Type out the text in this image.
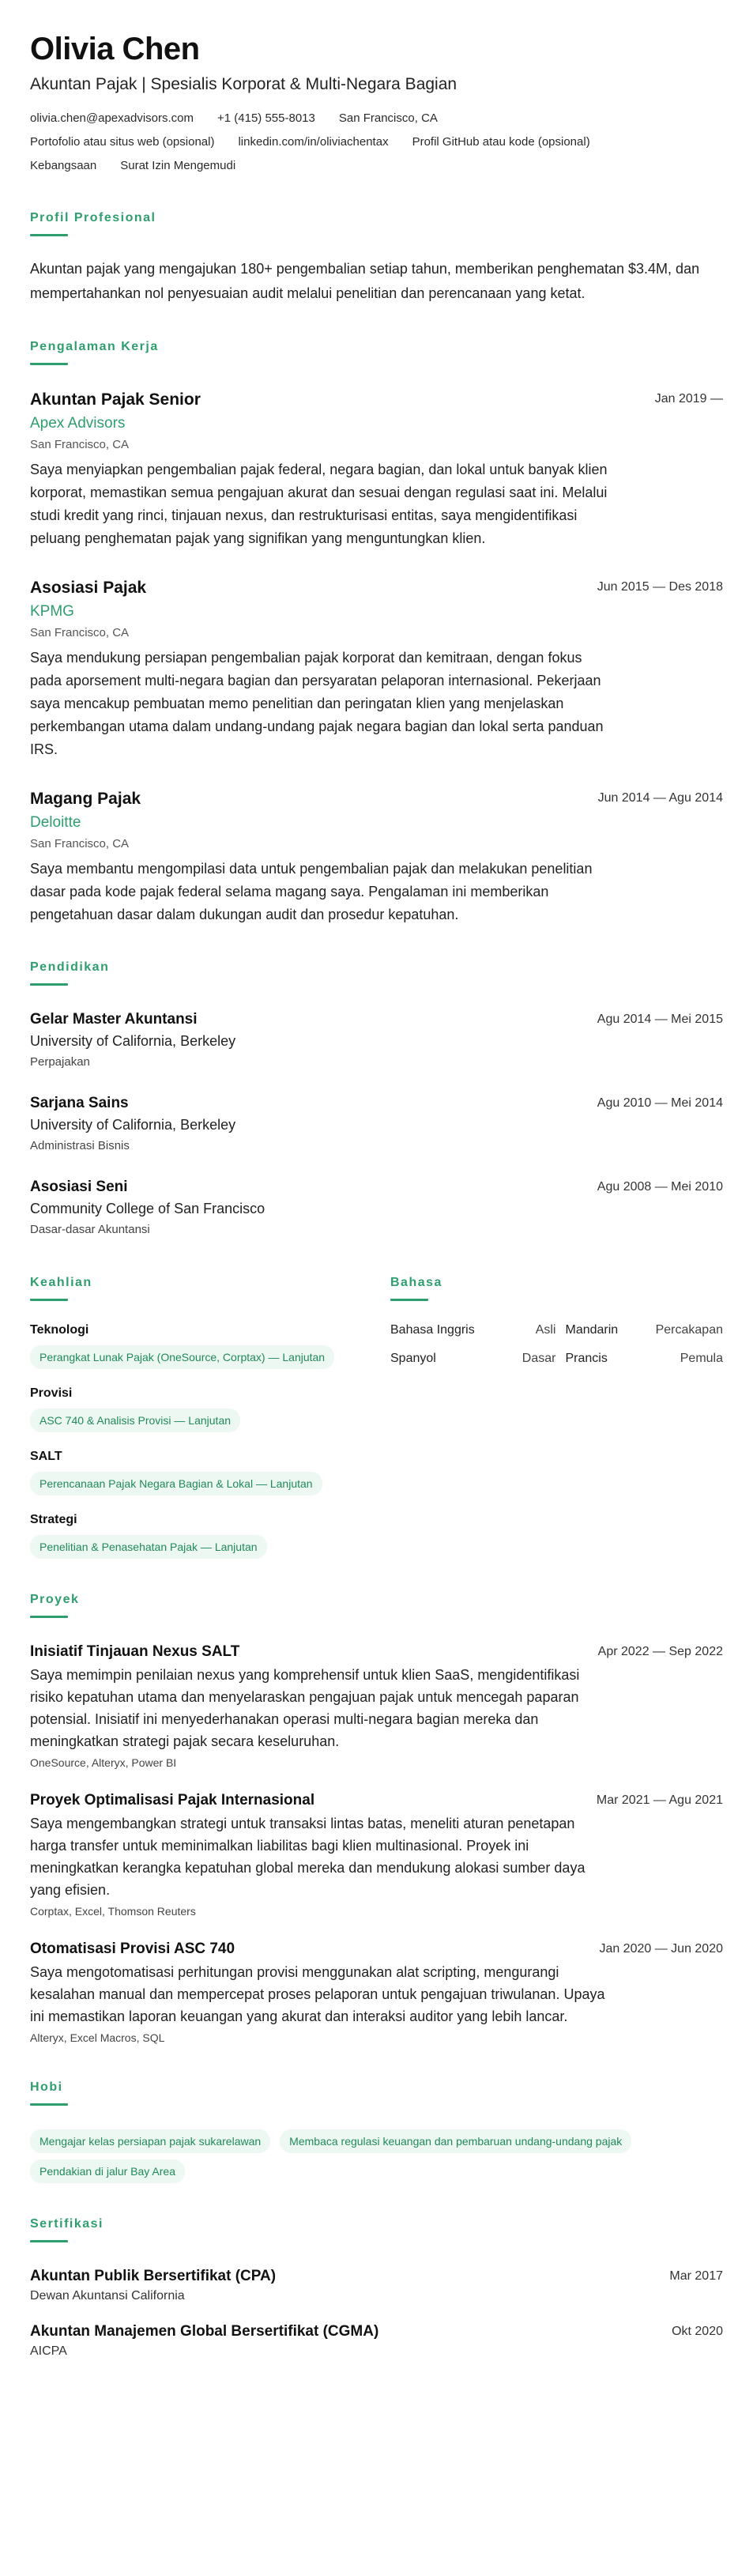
Olivia Chen
Akuntan Pajak | Spesialis Korporat & Multi-Negara Bagian
olivia.chen@apexadvisors.com +1 (415) 555-8013 San Francisco, CA
Portofolio atau situs web (opsional) linkedin.com/in/oliviachentax Profil GitHub atau kode (opsional)
Kebangsaan Surat Izin Mengemudi
Profil Profesional

Akuntan pajak yang mengajukan 180+ pengembalian setiap tahun, memberikan penghematan $3.4M, dan mempertahankan nol penyesuaian audit melalui penelitian dan perencanaan yang ketat.

Pengalaman Kerja
Akuntan Pajak Senior
Apex Advisors
San Francisco, CA

Saya menyiapkan pengembalian pajak federal, negara bagian, dan lokal untuk banyak klien korporat, memastikan semua pengajuan akurat dan sesuai dengan regulasi saat ini. Melalui studi kredit yang rinci, tinjauan nexus, dan restrukturisasi entitas, saya mengidentifikasi peluang penghematan pajak yang signifikan yang menguntungkan klien.

Jan 2019 —
Asosiasi Pajak
KPMG
San Francisco, CA

Saya mendukung persiapan pengembalian pajak korporat dan kemitraan, dengan fokus pada aporsement multi-negara bagian dan persyaratan pelaporan internasional. Pekerjaan saya mencakup pembuatan memo penelitian dan peringatan klien yang menjelaskan perkembangan utama dalam undang-undang pajak negara bagian dan lokal serta panduan IRS.

Jun 2015 — Des 2018
Magang Pajak
Deloitte
San Francisco, CA

Saya membantu mengompilasi data untuk pengembalian pajak dan melakukan penelitian dasar pada kode pajak federal selama magang saya. Pengalaman ini memberikan pengetahuan dasar dalam dukungan audit dan prosedur kepatuhan.

Jun 2014 — Agu 2014
Pendidikan
Gelar Master Akuntansi
University of California, Berkeley
Perpajakan
Agu 2014 — Mei 2015
Sarjana Sains
University of California, Berkeley
Administrasi Bisnis
Agu 2010 — Mei 2014
Asosiasi Seni
Community College of San Francisco
Dasar-dasar Akuntansi
Agu 2008 — Mei 2010
Keahlian
Teknologi
Perangkat Lunak Pajak (OneSource, Corptax) — Lanjutan
Provisi
ASC 740 & Analisis Provisi — Lanjutan
SALT
Perencanaan Pajak Negara Bagian & Lokal — Lanjutan
Strategi
Penelitian & Penasehatan Pajak — Lanjutan
Bahasa
Bahasa Inggris	Asli Mandarin	Percakapan
Spanyol	Dasar Prancis	Pemula
Proyek
Inisiatif Tinjauan Nexus SALT

Saya memimpin penilaian nexus yang komprehensif untuk klien SaaS, mengidentifikasi risiko kepatuhan utama dan menyelaraskan pengajuan pajak untuk mencegah paparan potensial. Inisiatif ini menyederhanakan operasi multi-negara bagian mereka dan meningkatkan strategi pajak secara keseluruhan.

OneSource, Alteryx, Power BI
Apr 2022 — Sep 2022
Proyek Optimalisasi Pajak Internasional

Saya mengembangkan strategi untuk transaksi lintas batas, meneliti aturan penetapan harga transfer untuk meminimalkan liabilitas bagi klien multinasional. Proyek ini meningkatkan kerangka kepatuhan global mereka dan mendukung alokasi sumber daya yang efisien.

Corptax, Excel, Thomson Reuters
Mar 2021 — Agu 2021
Otomatisasi Provisi ASC 740

Saya mengotomatisasi perhitungan provisi menggunakan alat scripting, mengurangi kesalahan manual dan mempercepat proses pelaporan untuk pengajuan triwulanan. Upaya ini memastikan laporan keuangan yang akurat dan interaksi auditor yang lebih lancar.

Alteryx, Excel Macros, SQL
Jan 2020 — Jun 2020
Hobi
Mengajar kelas persiapan pajak sukarelawan	Membaca regulasi keuangan dan pembaruan undang-undang pajak
Pendakian di jalur Bay Area
Sertifikasi
Akuntan Publik Bersertifikat (CPA)
Dewan Akuntansi California
Mar 2017
Akuntan Manajemen Global Bersertifikat (CGMA)
AICPA
Okt 2020
